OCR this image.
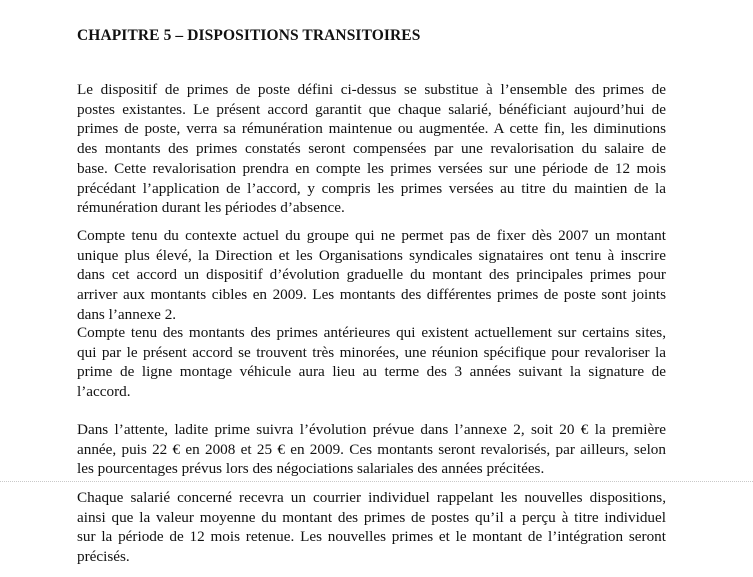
CHAPITRE 5 – DISPOSITIONS TRANSITOIRES
Le dispositif de primes de poste défini ci-dessus se substitue à l’ensemble des primes de
postes existantes. Le présent accord garantit que chaque salarié, bénéficiant aujourd’hui de
primes de poste, verra sa rémunération maintenue ou augmentée. A cette fin, les diminutions
des montants des primes constatés seront compensées par une revalorisation du salaire de
base. Cette revalorisation prendra en compte les primes versées sur une période de 12 mois
précédant l’application de l’accord, y compris les primes versées au titre du maintien de la
rémunération durant les périodes d’absence.
Compte tenu du contexte actuel du groupe qui ne permet pas de fixer dès 2007 un montant
unique plus élevé, la Direction et les Organisations syndicales signataires ont tenu à inscrire
dans cet accord un dispositif d’évolution graduelle du montant des principales primes pour
arriver aux montants cibles en 2009. Les montants des différentes primes de poste sont joints
dans l’annexe 2.
Compte tenu des montants des primes antérieures qui existent actuellement sur certains sites,
qui par le présent accord se trouvent très minorées, une réunion spécifique pour revaloriser la
prime de ligne montage véhicule aura lieu au terme des 3 années suivant la signature de
l’accord.
Dans l’attente, ladite prime suivra l’évolution prévue dans l’annexe 2, soit 20 € la première
année, puis 22 € en 2008 et 25 € en 2009. Ces montants seront revalorisés, par ailleurs, selon
les pourcentages prévus lors des négociations salariales des années précitées.
Chaque salarié concerné recevra un courrier individuel rappelant les nouvelles dispositions,
ainsi que la valeur moyenne du montant des primes de postes qu’il a perçu à titre individuel
sur la période de 12 mois retenue. Les nouvelles primes et le montant de l’intégration seront
précisés.
